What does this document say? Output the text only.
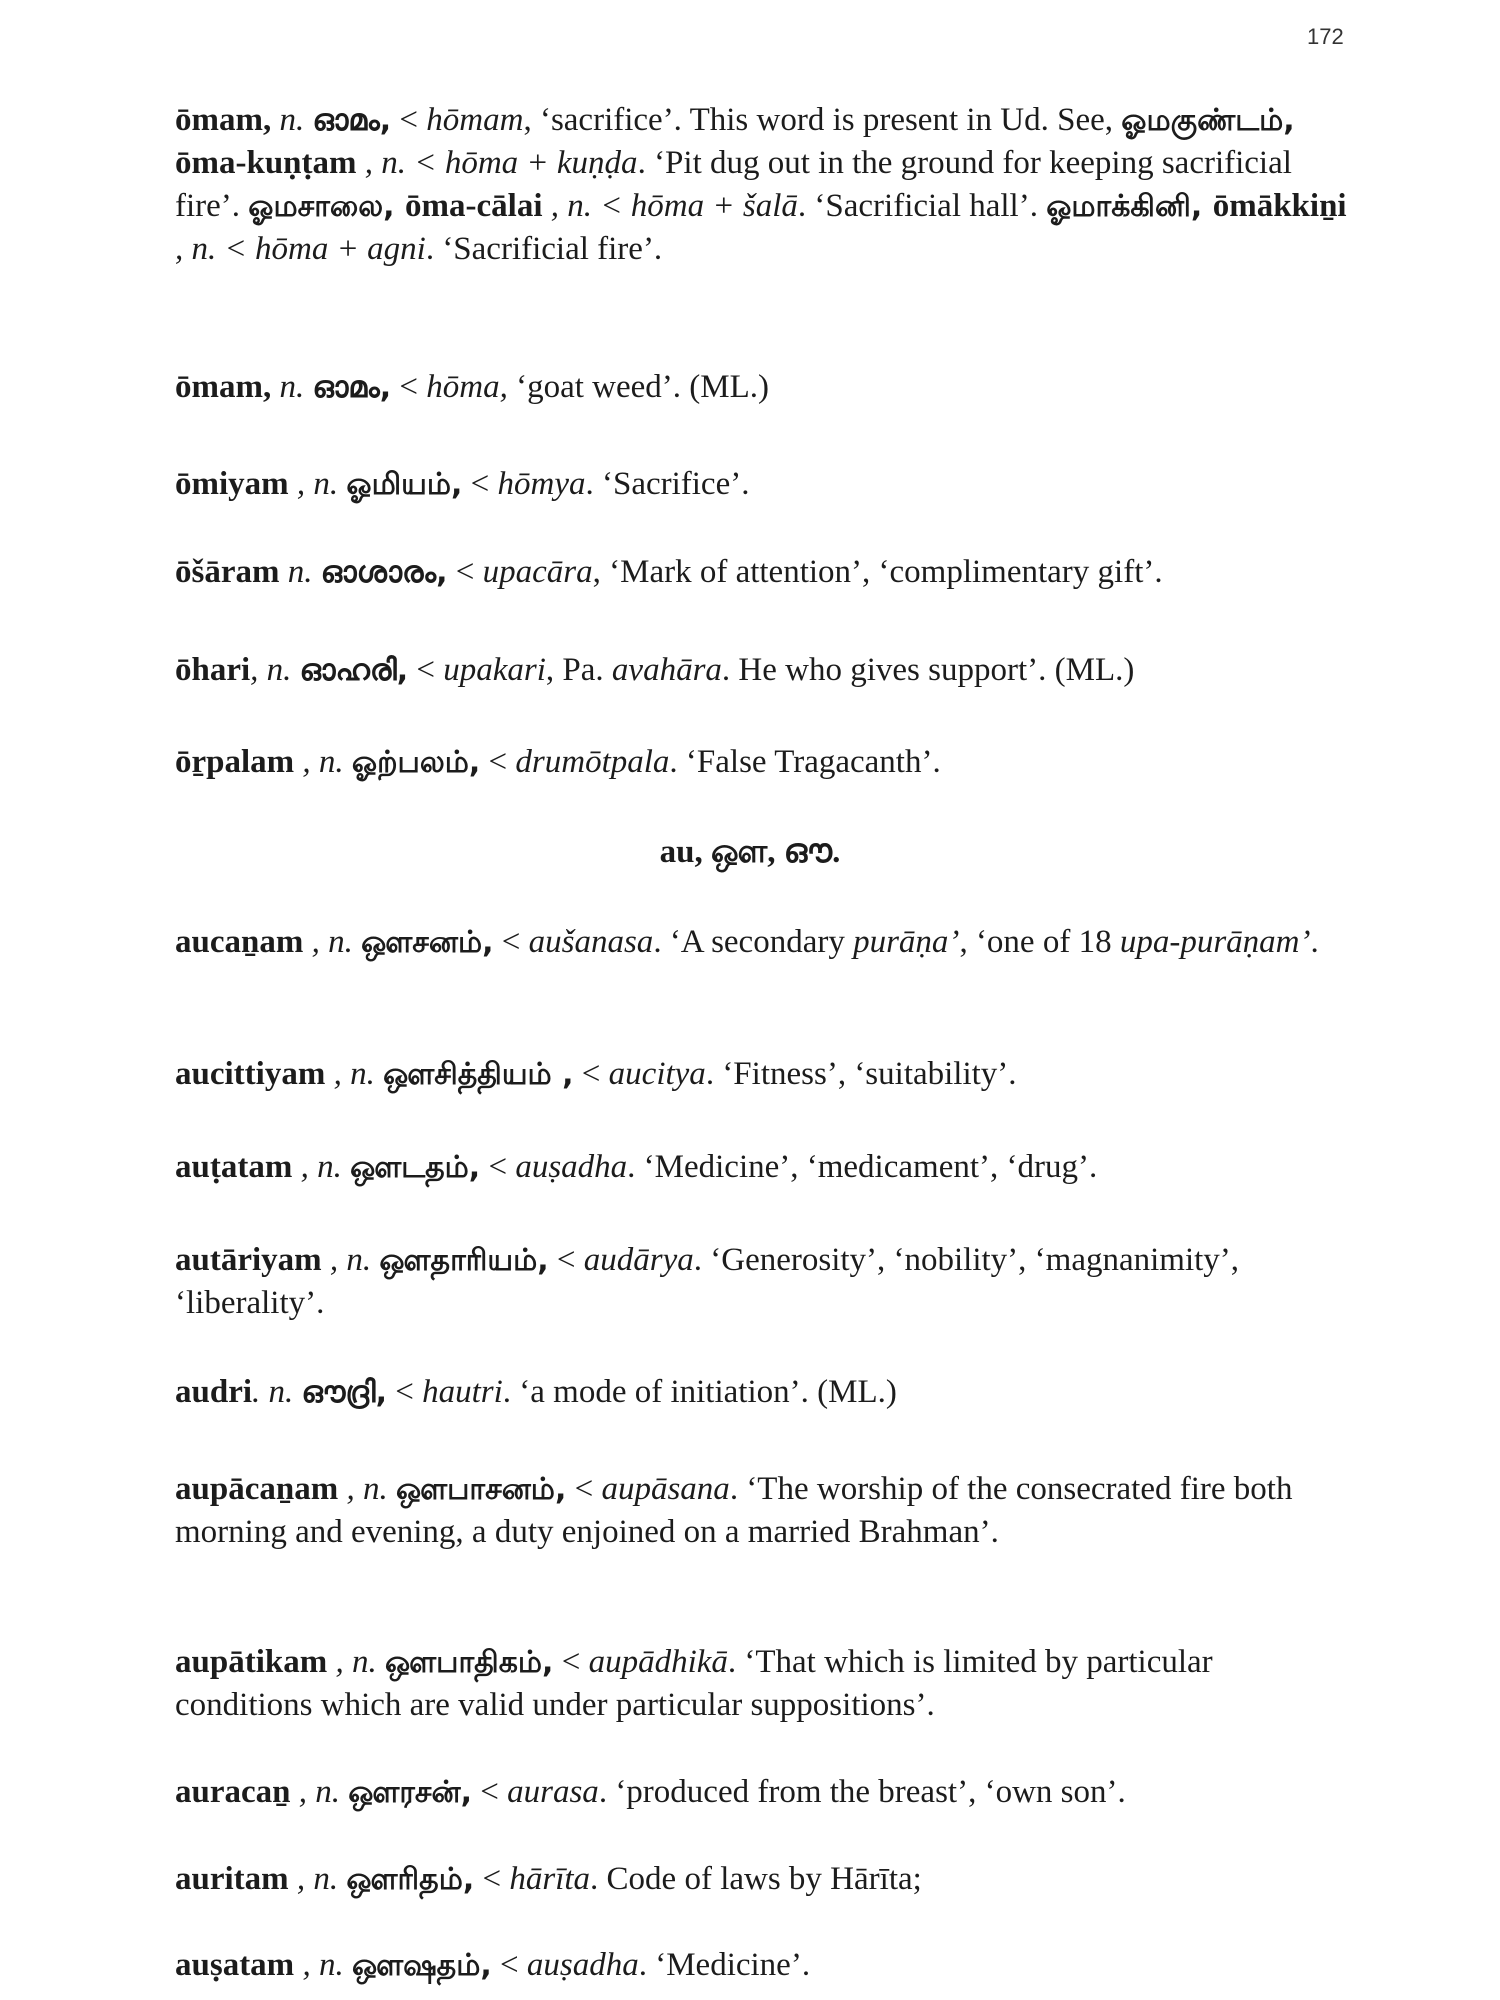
172
ōmam, n. ഓമം, < hōmam, ‘sacrifice’. This word is present in Ud. See, ஓமகுண்டம், ōma-kuṇṭam , n. < hōma + kuṇḍa. ‘Pit dug out in the ground for keeping sacrificial fire’. ஓமசாலை, ōma-cālai , n. < hōma + šalā. ‘Sacrificial hall’. ஓமாக்கினி, ōmākkiṉi , n. < hōma + agni. ‘Sacrificial fire’.
ōmam, n. ഓമം, < hōma, ‘goat weed’. (ML.)
ōmiyam , n. ஓமியம், < hōmya. ‘Sacrifice’.
ōšāram n. ഓശാരം, < upacāra, ‘Mark of attention’, ‘complimentary gift’.
ōhari, n. ഓഹരി, < upakari, Pa. avahāra. He who gives support’. (ML.)
ōṟpalam , n. ஓற்பலம், < drumōtpala. ‘False Tragacanth’.
au, ஔ, ഔ.
aucaṉam , n. ஔசனம், < aušanasa. ‘A secondary purāṇa’, ‘one of 18 upa-purāṇam’.
aucittiyam , n. ஔசித்தியம் , < aucitya. ‘Fitness’, ‘suitability’.
auṭatam , n. ஔடதம், < auṣadha. ‘Medicine’, ‘medicament’, ‘drug’.
autāriyam , n. ஔதாரியம், < audārya. ‘Generosity’, ‘nobility’, ‘magnanimity’, ‘liberality’.
audri. n. ഔദ്രി, < hautri. ‘a mode of initiation’. (ML.)
aupācaṉam , n. ஔபாசனம், < aupāsana. ‘The worship of the consecrated fire both morning and evening, a duty enjoined on a married Brahman’.
aupātikam , n. ஔபாதிகம், < aupādhikā. ‘That which is limited by particular conditions which are valid under particular suppositions’.
auracaṉ , n. ஔரசன், < aurasa. ‘produced from the breast’, ‘own son’.
auritam , n. ஔரிதம், < hārīta. Code of laws by Hārīta;
auṣatam , n. ஔஷதம், < auṣadha. ‘Medicine’.
